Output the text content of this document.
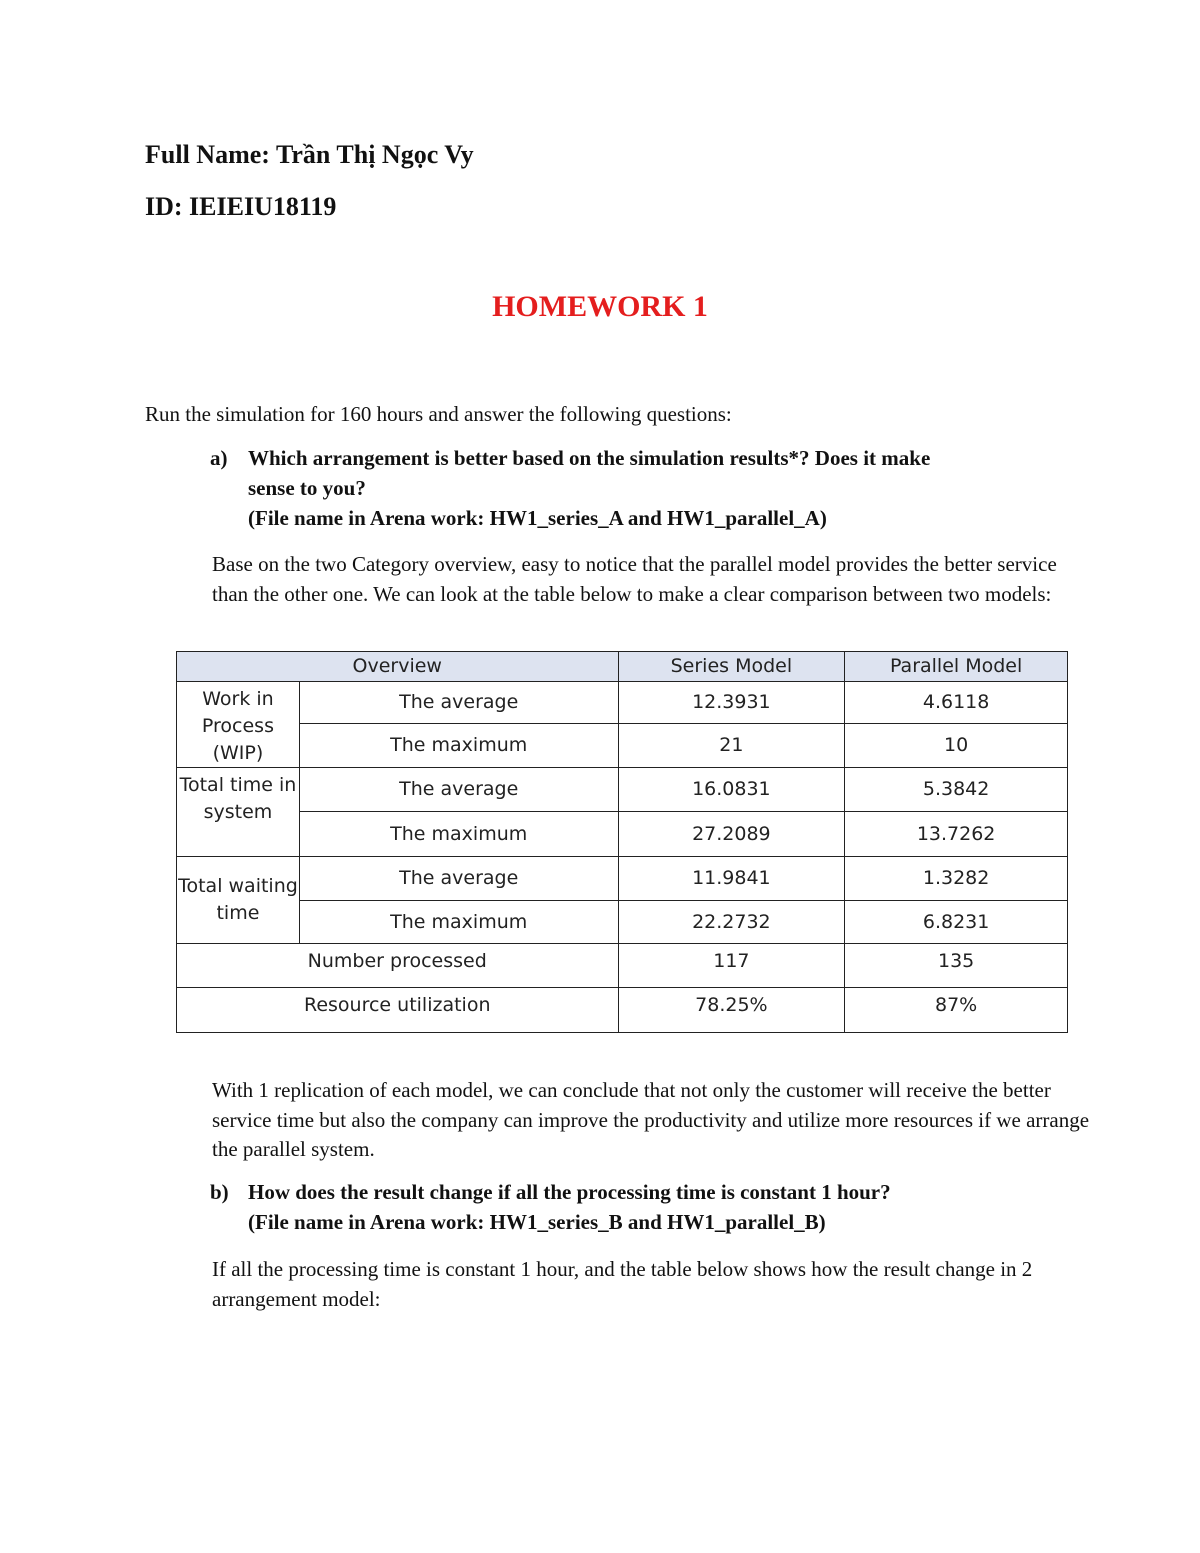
Full Name: Trần Thị Ngọc Vy
ID: IEIEIU18119
HOMEWORK 1
Run the simulation for 160 hours and answer the following questions:
a) Which arrangement is better based on the simulation results*? Does it make
sense to you?
(File name in Arena work: HW1_series_A and HW1_parallel_A)
Base on the two Category overview, easy to notice that the parallel model provides the better service than the other one. We can look at the table below to make a clear comparison between two models:
Overview		Series Model	Parallel Model
Work in Process (WIP)	The average	12.3931	4.6118
	The maximum	21	10
Total time in system	The average	16.0831	5.3842
	The maximum	27.2089	13.7262
Total waiting time	The average	11.9841	1.3282
	The maximum	22.2732	6.8231
Number processed		117	135
Resource utilization		78.25%	87%
With 1 replication of each model, we can conclude that not only the customer will receive the better service time but also the company can improve the productivity and utilize more resources if we arrange the parallel system.
b) How does the result change if all the processing time is constant 1 hour?
(File name in Arena work: HW1_series_B and HW1_parallel_B)
If all the processing time is constant 1 hour, and the table below shows how the result change in 2 arrangement model:
